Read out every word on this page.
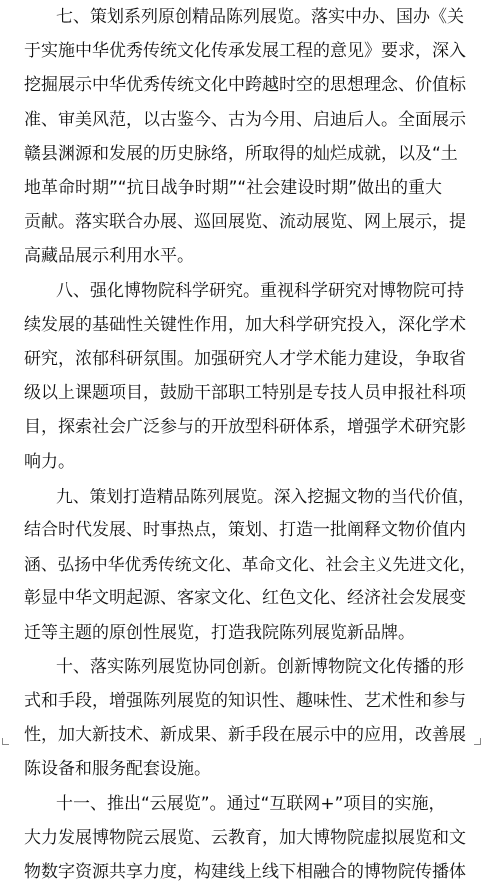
七、策划系列原创精品陈列展览。落实中办、国办《关
于实施中华优秀传统文化传承发展工程的意见》要求，深入
挖掘展示中华优秀传统文化中跨越时空的思想理念、价值标
准、审美风范，以古鉴今、古为今用、启迪后人。全面展示
赣县渊源和发展的历史脉络，所取得的灿烂成就，以及“土
地革命时期”“抗日战争时期”“社会建设时期”做出的重大
贡献。落实联合办展、巡回展览、流动展览、网上展示，提
高藏品展示利用水平。
八、强化博物院科学研究。重视科学研究对博物院可持
续发展的基础性关键性作用，加大科学研究投入，深化学术
研究，浓郁科研氛围。加强研究人才学术能力建设，争取省
级以上课题项目，鼓励干部职工特别是专技人员申报社科项
目，探索社会广泛参与的开放型科研体系，增强学术研究影
响力。
九、策划打造精品陈列展览。深入挖掘文物的当代价值，
结合时代发展、时事热点，策划、打造一批阐释文物价值内
涵、弘扬中华优秀传统文化、革命文化、社会主义先进文化，
彰显中华文明起源、客家文化、红色文化、经济社会发展变
迁等主题的原创性展览，打造我院陈列展览新品牌。
十、落实陈列展览协同创新。创新博物院文化传播的形
式和手段，增强陈列展览的知识性、趣味性、艺术性和参与
性，加大新技术、新成果、新手段在展示中的应用，改善展
陈设备和服务配套设施。
十一、推出“云展览”。通过“互联网+”项目的实施，
大力发展博物院云展览、云教育，加大博物院虚拟展览和文
物数字资源共享力度，构建线上线下相融合的博物院传播体
